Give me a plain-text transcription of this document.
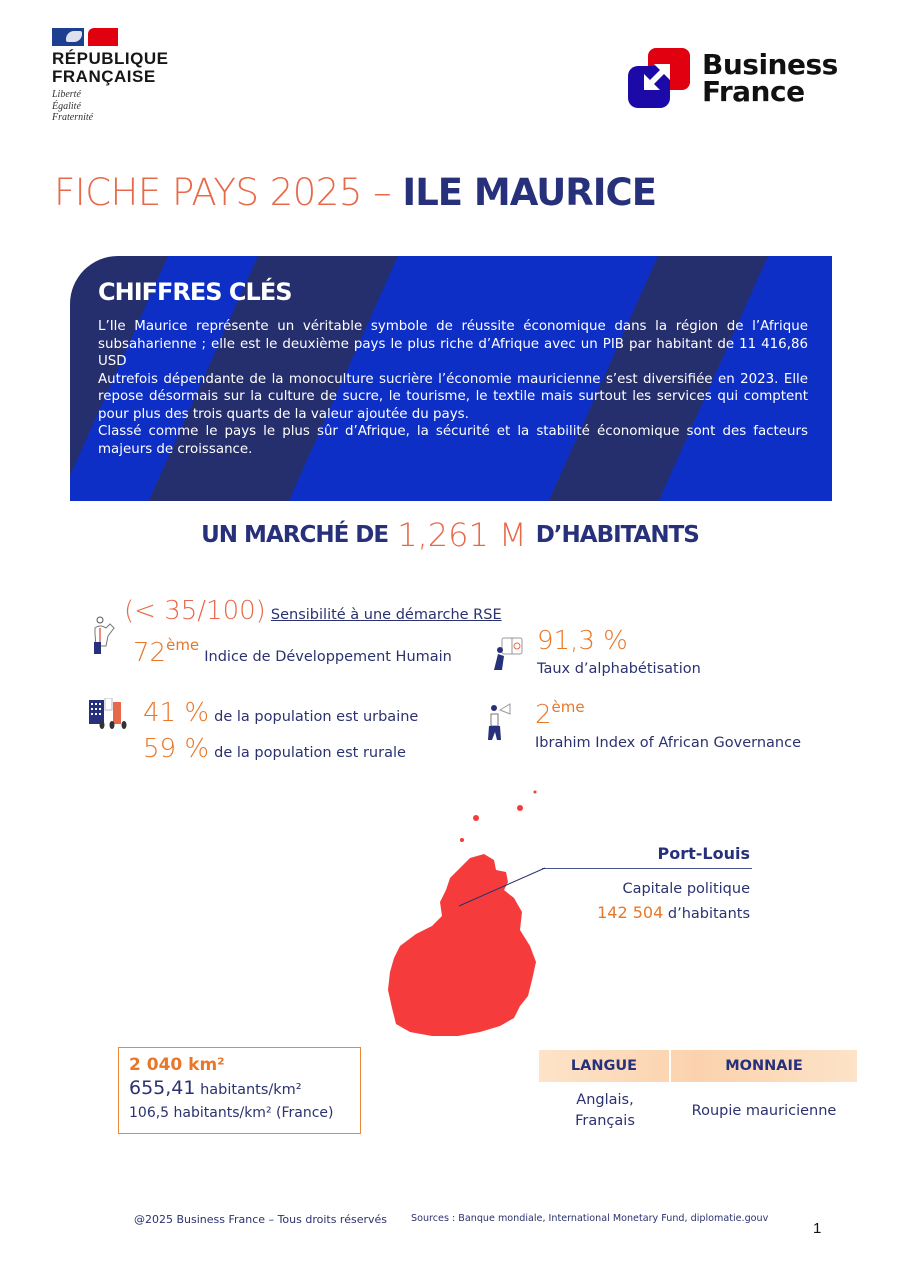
RÉPUBLIQUE
FRANÇAISE
Liberté
Égalité
Fraternité
Business
France
FICHE PAYS 2025 – ILE MAURICE
CHIFFRES CLÉS

L’Ile Maurice représente un véritable symbole de réussite économique dans la région de l’Afrique subsaharienne ; elle est le deuxième pays le plus riche d’Afrique avec un PIB par habitant de 11 416,86 USD

Autrefois dépendante de la monoculture sucrière l’économie mauricienne s’est diversifiée en 2023. Elle repose désormais sur la culture de sucre, le tourisme, le textile mais surtout les services qui comptent pour plus des trois quarts de la valeur ajoutée du pays.

Classé comme le pays le plus sûr d’Afrique, la sécurité et la stabilité économique sont des facteurs majeurs de croissance.

UN MARCHÉ DE 1,261 M D’HABITANTS
(< 35/100) Sensibilité à une démarche RSE
72ème Indice de Développement Humain
91,3 %
Taux d’alphabétisation
41 % de la population est urbaine
59 % de la population est rurale
2ème
Ibrahim Index of African Governance
Port-Louis
Capitale politique
142 504 d’habitants
2 040 km²
655,41 habitants/km²
106,5 habitants/km² (France)
LANGUE	MONNAIE
Anglais, Français
Roupie mauricienne
@2025 Business France – Tous droits réservés Sources : Banque mondiale, International Monetary Fund, diplomatie.gouv
1
